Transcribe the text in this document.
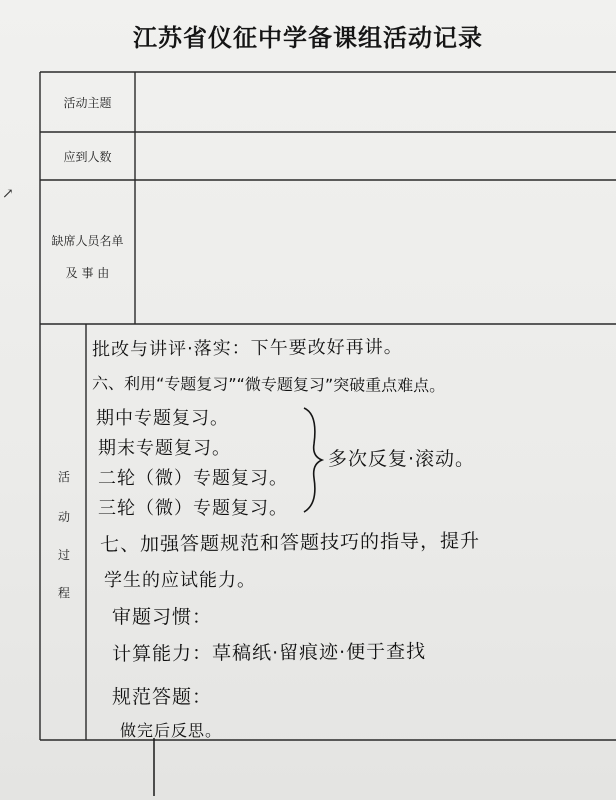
江苏省仪征中学备课组活动记录
↗
活动主题
应到人数
缺席人员名单
及 事 由
活
动
过
程
批改与讲评·落实：下午要改好再讲。
六、利用“专题复习”“微专题复习”突破重点难点。
期中专题复习。
期末专题复习。
二轮（微）专题复习。
三轮（微）专题复习。
多次反复·滚动。
七、加强答题规范和答题技巧的指导，提升
学生的应试能力。
审题习惯：
计算能力：草稿纸·留痕迹·便于查找
规范答题：
做完后反思。
